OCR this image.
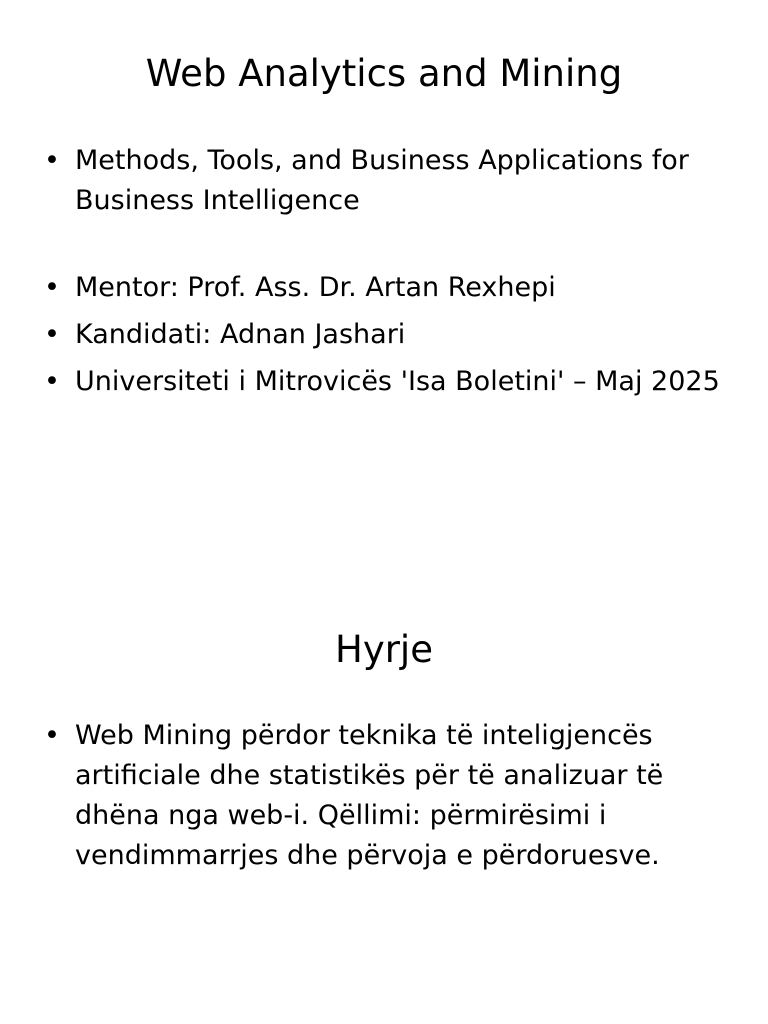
Web Analytics and Mining
• Methods, Tools, and Business Applications for Business Intelligence
• Mentor: Prof. Ass. Dr. Artan Rexhepi
• Kandidati: Adnan Jashari
• Universiteti i Mitrovicës 'Isa Boletini' – Maj 2025
Hyrje
• Web Mining përdor teknika të inteligjencës artificiale dhe statistikës për të analizuar të dhëna nga web-i. Qëllimi: përmirësimi i vendimmarrjes dhe përvoja e përdoruesve.
